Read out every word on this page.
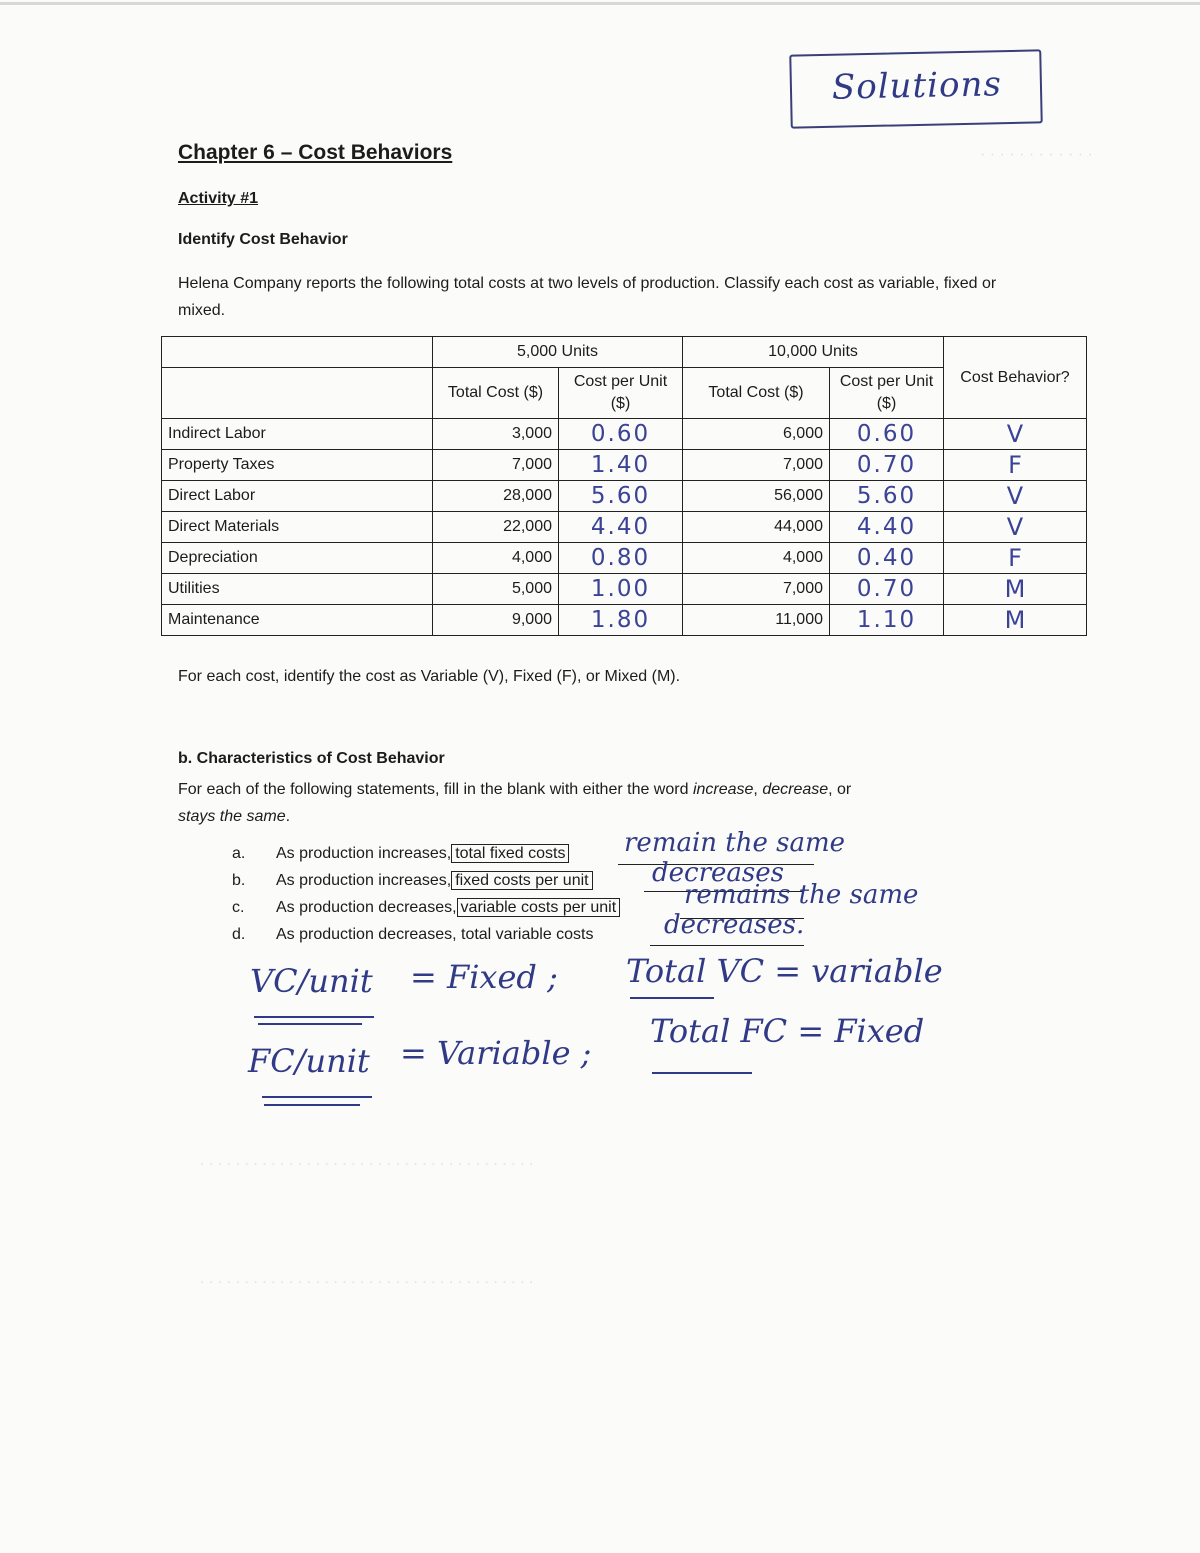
· · · · · · · · · · · ·
. . . . . . . . . . . . . . . . . . . . . . . . . . . . . . . . . . . . . .
. . . . . . . . . . . . . . . . . . . . . . . . . . . . . . . . . . . . . .
Solutions
Chapter 6 – Cost Behaviors
Activity #1
Identify Cost Behavior
Helena Company reports the following total costs at two levels of production. Classify each cost as variable, fixed or mixed.
	5,000 Units		10,000 Units		Cost Behavior?
	Total Cost ($)	Cost per Unit ($)	Total Cost ($)	Cost per Unit ($)	
Indirect Labor	3,000	0.60	6,000	0.60	V
Property Taxes	7,000	1.40	7,000	0.70	F
Direct Labor	28,000	5.60	56,000	5.60	V
Direct Materials	22,000	4.40	44,000	4.40	V
Depreciation	4,000	0.80	4,000	0.40	F
Utilities	5,000	1.00	7,000	0.70	M
Maintenance	9,000	1.80	11,000	1.10	M
For each cost, identify the cost as Variable (V), Fixed (F), or Mixed (M).
b. Characteristics of Cost Behavior
For each of the following statements, fill in the blank with either the word increase, decrease, or
stays the same.
a. As production increases, total fixed costs remain the same
b. As production increases, fixed costs per unit decreases
c. As production decreases, variable costs per unit	remains the same
d. As production decreases, total variable costs	decreases.
VC/unit = Fixed ; Total VC = variable
FC/unit = Variable ;
Total FC = Fixed
